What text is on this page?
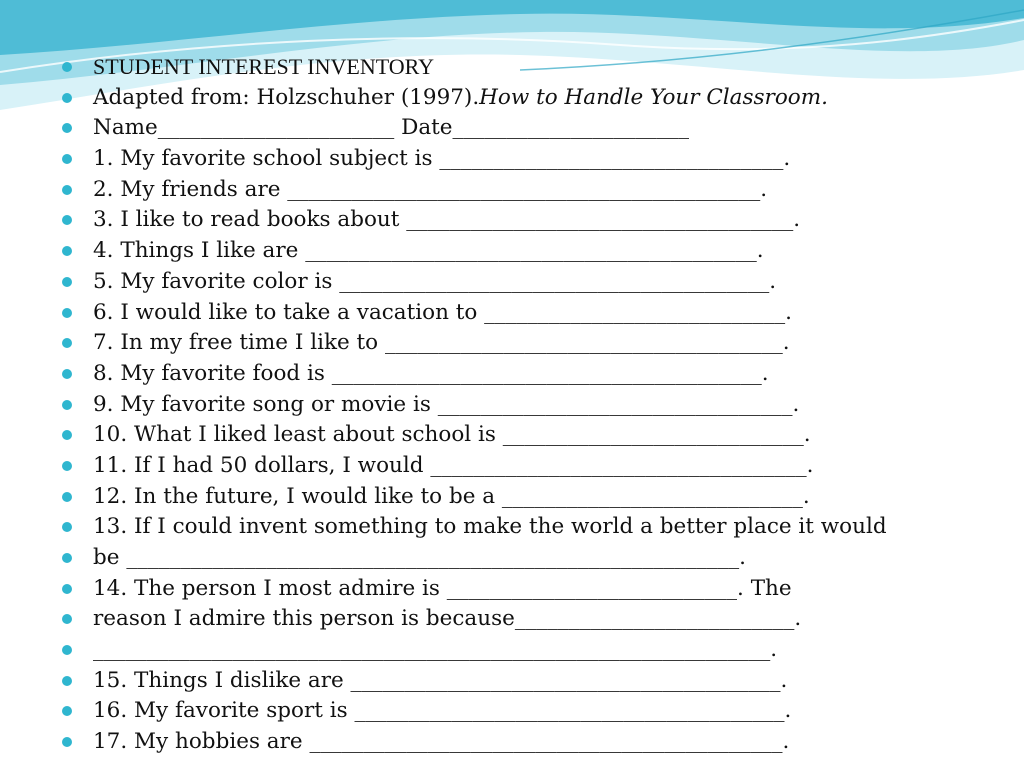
STUDENT INTEREST INVENTORY
Adapted from: Holzschuher (1997).How to Handle Your Classroom.
Name______________________ Date______________________
1. My favorite school subject is ________________________________.
2. My friends are ____________________________________________.
3. I like to read books about ____________________________________.
4. Things I like are __________________________________________.
5. My favorite color is ________________________________________.
6. I would like to take a vacation to ____________________________.
7. In my free time I like to _____________________________________.
8. My favorite food is ________________________________________.
9. My favorite song or movie is _________________________________.
10. What I liked least about school is ____________________________.
11. If I had 50 dollars, I would ___________________________________.
12. In the future, I would like to be a ____________________________.
13. If I could invent something to make the world a better place it would
be _________________________________________________________.
14. The person I most admire is ___________________________. The
reason I admire this person is because__________________________.
_______________________________________________________________.
15. Things I dislike are ________________________________________.
16. My favorite sport is ________________________________________.
17. My hobbies are ____________________________________________.
